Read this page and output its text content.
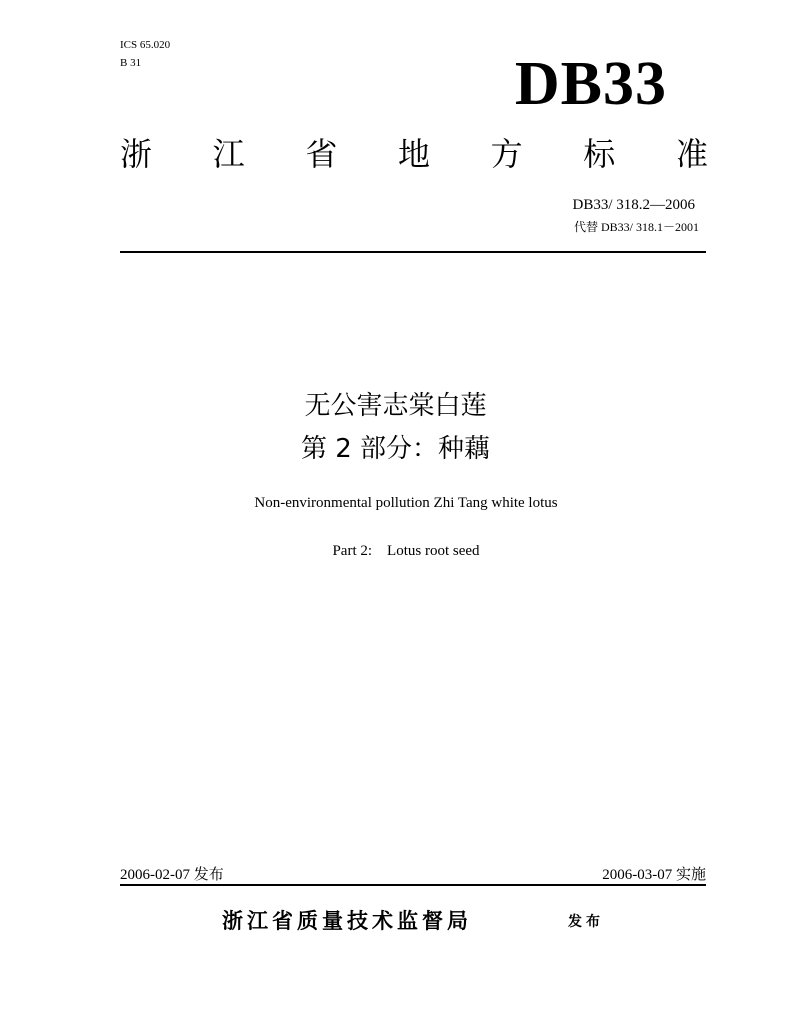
ICS 65.020
B 31	DB33
浙 江 省 地 方 标 准
DB33/ 318.2—2006
代替 DB33/ 318.1－2001
无公害志棠白莲
第 2 部分：种藕
Non-environmental pollution Zhi Tang white lotus
Part 2:    Lotus root seed
2006-02-07 发布	2006-03-07 实施
浙江省质量技术监督局	发布
